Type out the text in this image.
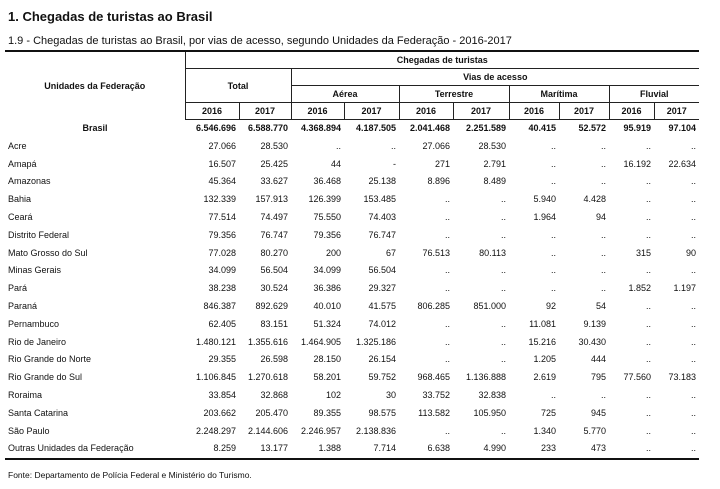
1. Chegadas de turistas ao Brasil
1.9 - Chegadas de turistas ao Brasil, por vias de acesso, segundo Unidades da Federação - 2016-2017
Unidades da Federação	Chegadas de turistas									
	Total		Vias de acesso							
			Aérea		Terrestre		Marítima		Fluvial	
	2016	2017	2016	2017	2016	2017	2016	2017	2016	2017
Brasil	6.546.696	6.588.770	4.368.894	4.187.505	2.041.468	2.251.589	40.415	52.572	95.919	97.104
Acre	27.066	28.530	..	..	27.066	28.530	..	..	..	..
Amapá	16.507	25.425	44	-	271	2.791	..	..	16.192	22.634
Amazonas	45.364	33.627	36.468	25.138	8.896	8.489	..	..	..	..
Bahia	132.339	157.913	126.399	153.485	..	..	5.940	4.428	..	..
Ceará	77.514	74.497	75.550	74.403	..	..	1.964	94	..	..
Distrito Federal	79.356	76.747	79.356	76.747	..	..	..	..	..	..
Mato Grosso do Sul	77.028	80.270	200	67	76.513	80.113	..	..	315	90
Minas Gerais	34.099	56.504	34.099	56.504	..	..	..	..	..	..
Pará	38.238	30.524	36.386	29.327	..	..	..	..	1.852	1.197
Paraná	846.387	892.629	40.010	41.575	806.285	851.000	92	54	..	..
Pernambuco	62.405	83.151	51.324	74.012	..	..	11.081	9.139	..	..
Rio de Janeiro	1.480.121	1.355.616	1.464.905	1.325.186	..	..	15.216	30.430	..	..
Rio Grande do Norte	29.355	26.598	28.150	26.154	..	..	1.205	444	..	..
Rio Grande do Sul	1.106.845	1.270.618	58.201	59.752	968.465	1.136.888	2.619	795	77.560	73.183
Roraima	33.854	32.868	102	30	33.752	32.838	..	..	..	..
Santa Catarina	203.662	205.470	89.355	98.575	113.582	105.950	725	945	..	..
São Paulo	2.248.297	2.144.606	2.246.957	2.138.836	..	..	1.340	5.770	..	..
Outras Unidades da Federação	8.259	13.177	1.388	7.714	6.638	4.990	233	473	..	..
Fonte: Departamento de Polícia Federal e Ministério do Turismo.
